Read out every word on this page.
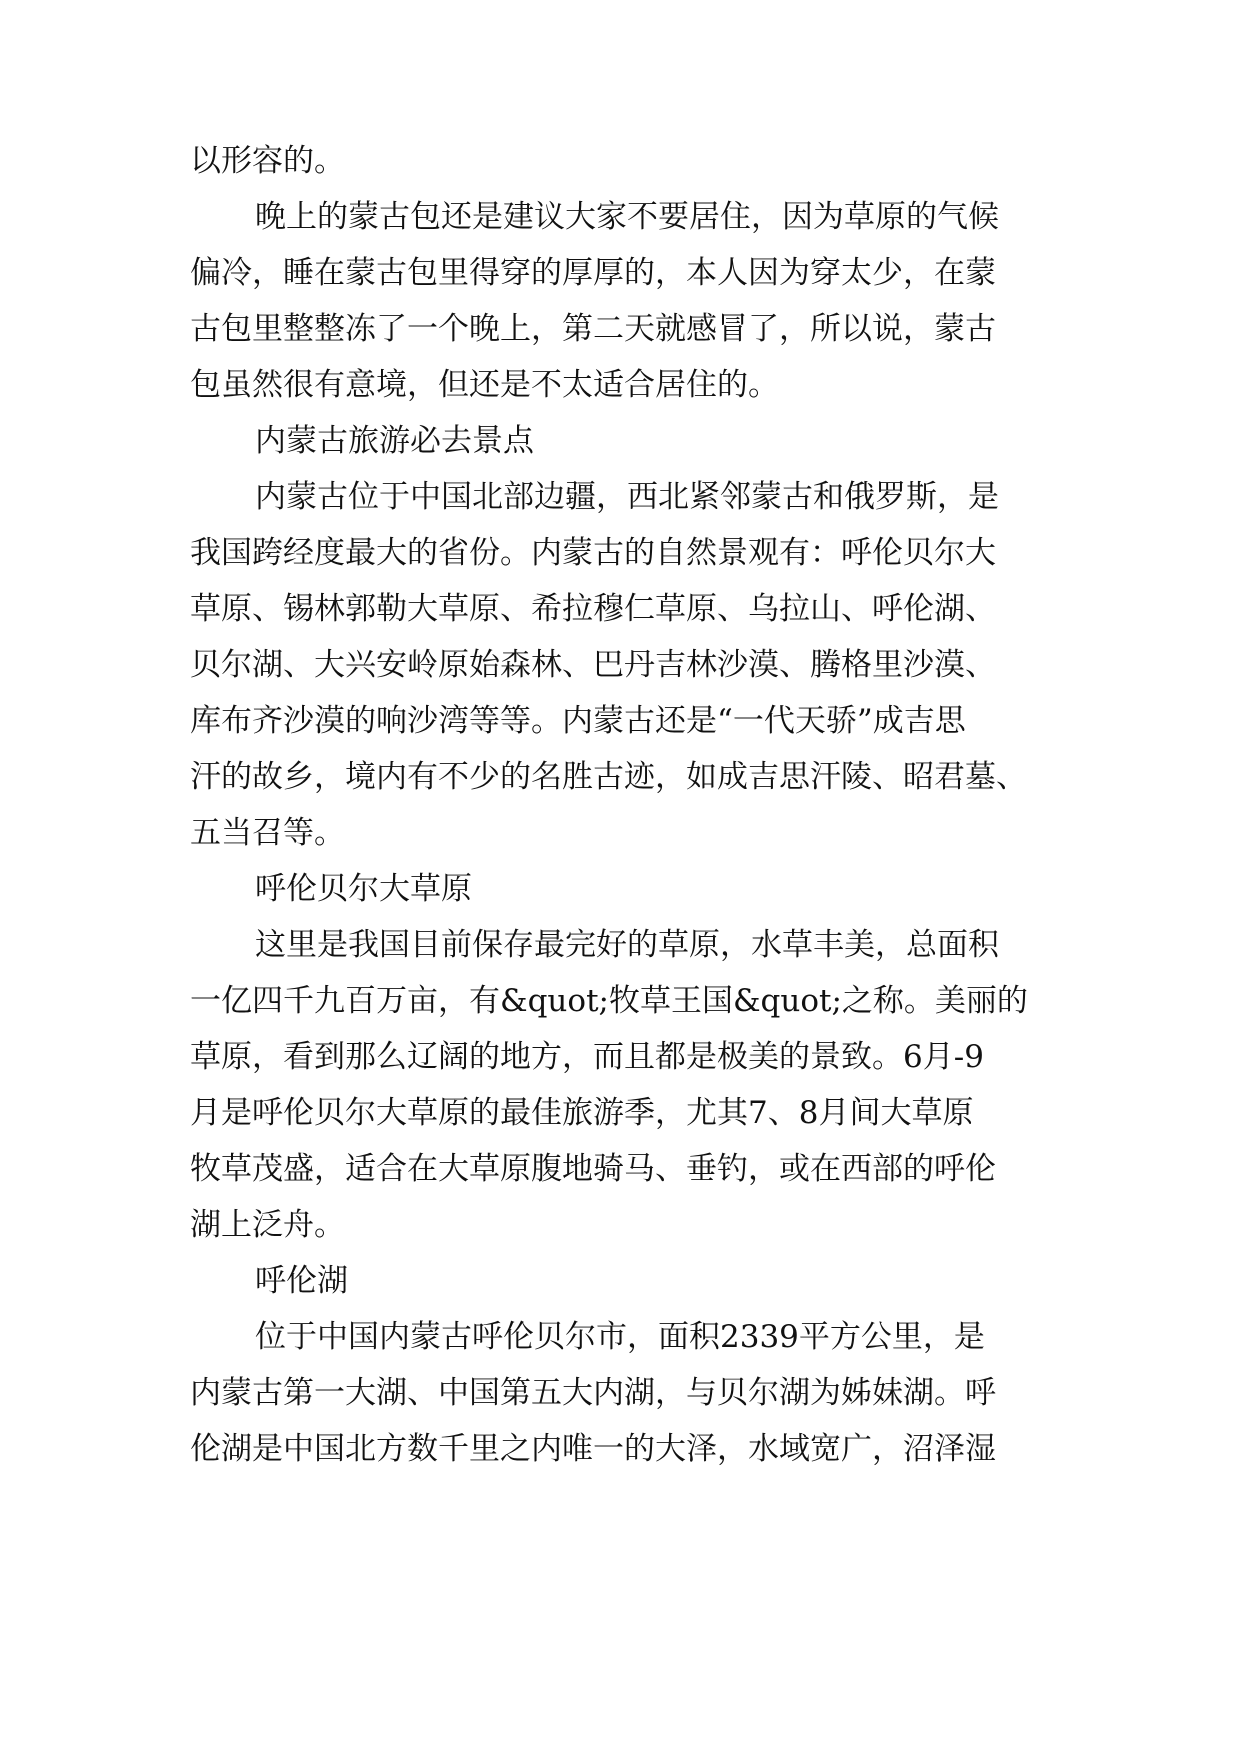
以形容的。
晚上的蒙古包还是建议大家不要居住，因为草原的气候
偏冷，睡在蒙古包里得穿的厚厚的，本人因为穿太少，在蒙
古包里整整冻了一个晚上，第二天就感冒了，所以说，蒙古
包虽然很有意境，但还是不太适合居住的。
内蒙古旅游必去景点
内蒙古位于中国北部边疆，西北紧邻蒙古和俄罗斯，是
我国跨经度最大的省份。内蒙古的自然景观有：呼伦贝尔大
草原、锡林郭勒大草原、希拉穆仁草原、乌拉山、呼伦湖、
贝尔湖、大兴安岭原始森林、巴丹吉林沙漠、腾格里沙漠、
库布齐沙漠的响沙湾等等。内蒙古还是“一代天骄”成吉思
汗的故乡，境内有不少的名胜古迹，如成吉思汗陵、昭君墓、
五当召等。
呼伦贝尔大草原
这里是我国目前保存最完好的草原，水草丰美，总面积
一亿四千九百万亩，有&quot;牧草王国&quot;之称。美丽的
草原，看到那么辽阔的地方，而且都是极美的景致。6月-9
月是呼伦贝尔大草原的最佳旅游季，尤其7、8月间大草原
牧草茂盛，适合在大草原腹地骑马、垂钓，或在西部的呼伦
湖上泛舟。
呼伦湖
位于中国内蒙古呼伦贝尔市，面积2339平方公里，是
内蒙古第一大湖、中国第五大内湖，与贝尔湖为姊妹湖。呼
伦湖是中国北方数千里之内唯一的大泽，水域宽广，沼泽湿
